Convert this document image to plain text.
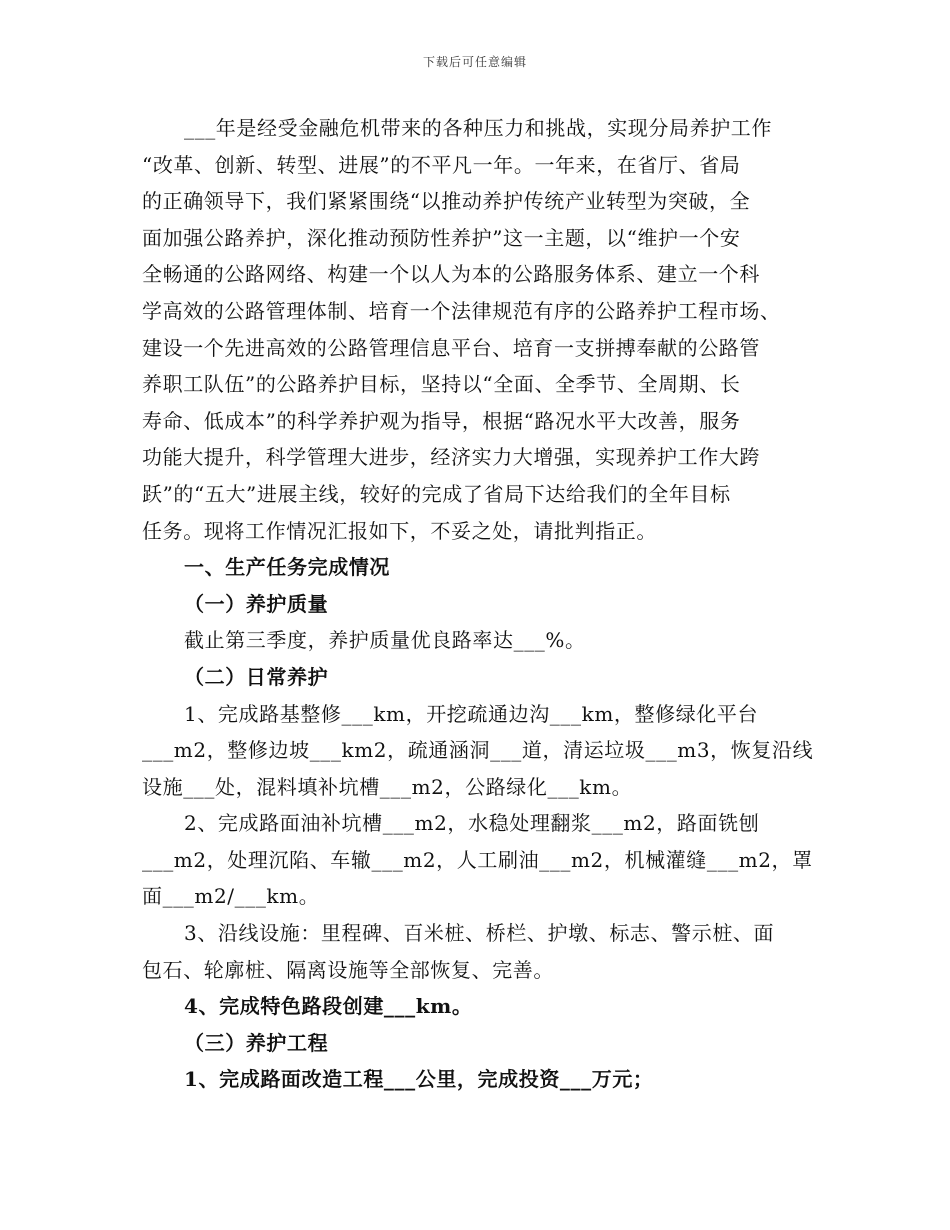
下载后可任意编辑
___年是经受金融危机带来的各种压力和挑战，实现分局养护工作
“改革、创新、转型、进展”的不平凡一年。一年来，在省厅、省局
的正确领导下，我们紧紧围绕“以推动养护传统产业转型为突破，全
面加强公路养护，深化推动预防性养护”这一主题，以“维护一个安
全畅通的公路网络、构建一个以人为本的公路服务体系、建立一个科
学高效的公路管理体制、培育一个法律规范有序的公路养护工程市场、
建设一个先进高效的公路管理信息平台、培育一支拼搏奉献的公路管
养职工队伍”的公路养护目标，坚持以“全面、全季节、全周期、长
寿命、低成本”的科学养护观为指导，根据“路况水平大改善，服务
功能大提升，科学管理大进步，经济实力大增强，实现养护工作大跨
跃”的“五大”进展主线，较好的完成了省局下达给我们的全年目标
任务。现将工作情况汇报如下，不妥之处，请批判指正。
一、生产任务完成情况
（一）养护质量
截止第三季度，养护质量优良路率达___%。
（二）日常养护
1、完成路基整修___km，开挖疏通边沟___km，整修绿化平台
___m2，整修边坡___km2，疏通涵洞___道，清运垃圾___m3，恢复沿线
设施___处，混料填补坑槽___m2，公路绿化___km。
2、完成路面油补坑槽___m2，水稳处理翻浆___m2，路面铣刨
___m2，处理沉陷、车辙___m2，人工刷油___m2，机械灌缝___m2，罩
面___m2/___km。
3、沿线设施：里程碑、百米桩、桥栏、护墩、标志、警示桩、面
包石、轮廓桩、隔离设施等全部恢复、完善。
4、完成特色路段创建___km。
（三）养护工程
1、完成路面改造工程___公里，完成投资___万元；
